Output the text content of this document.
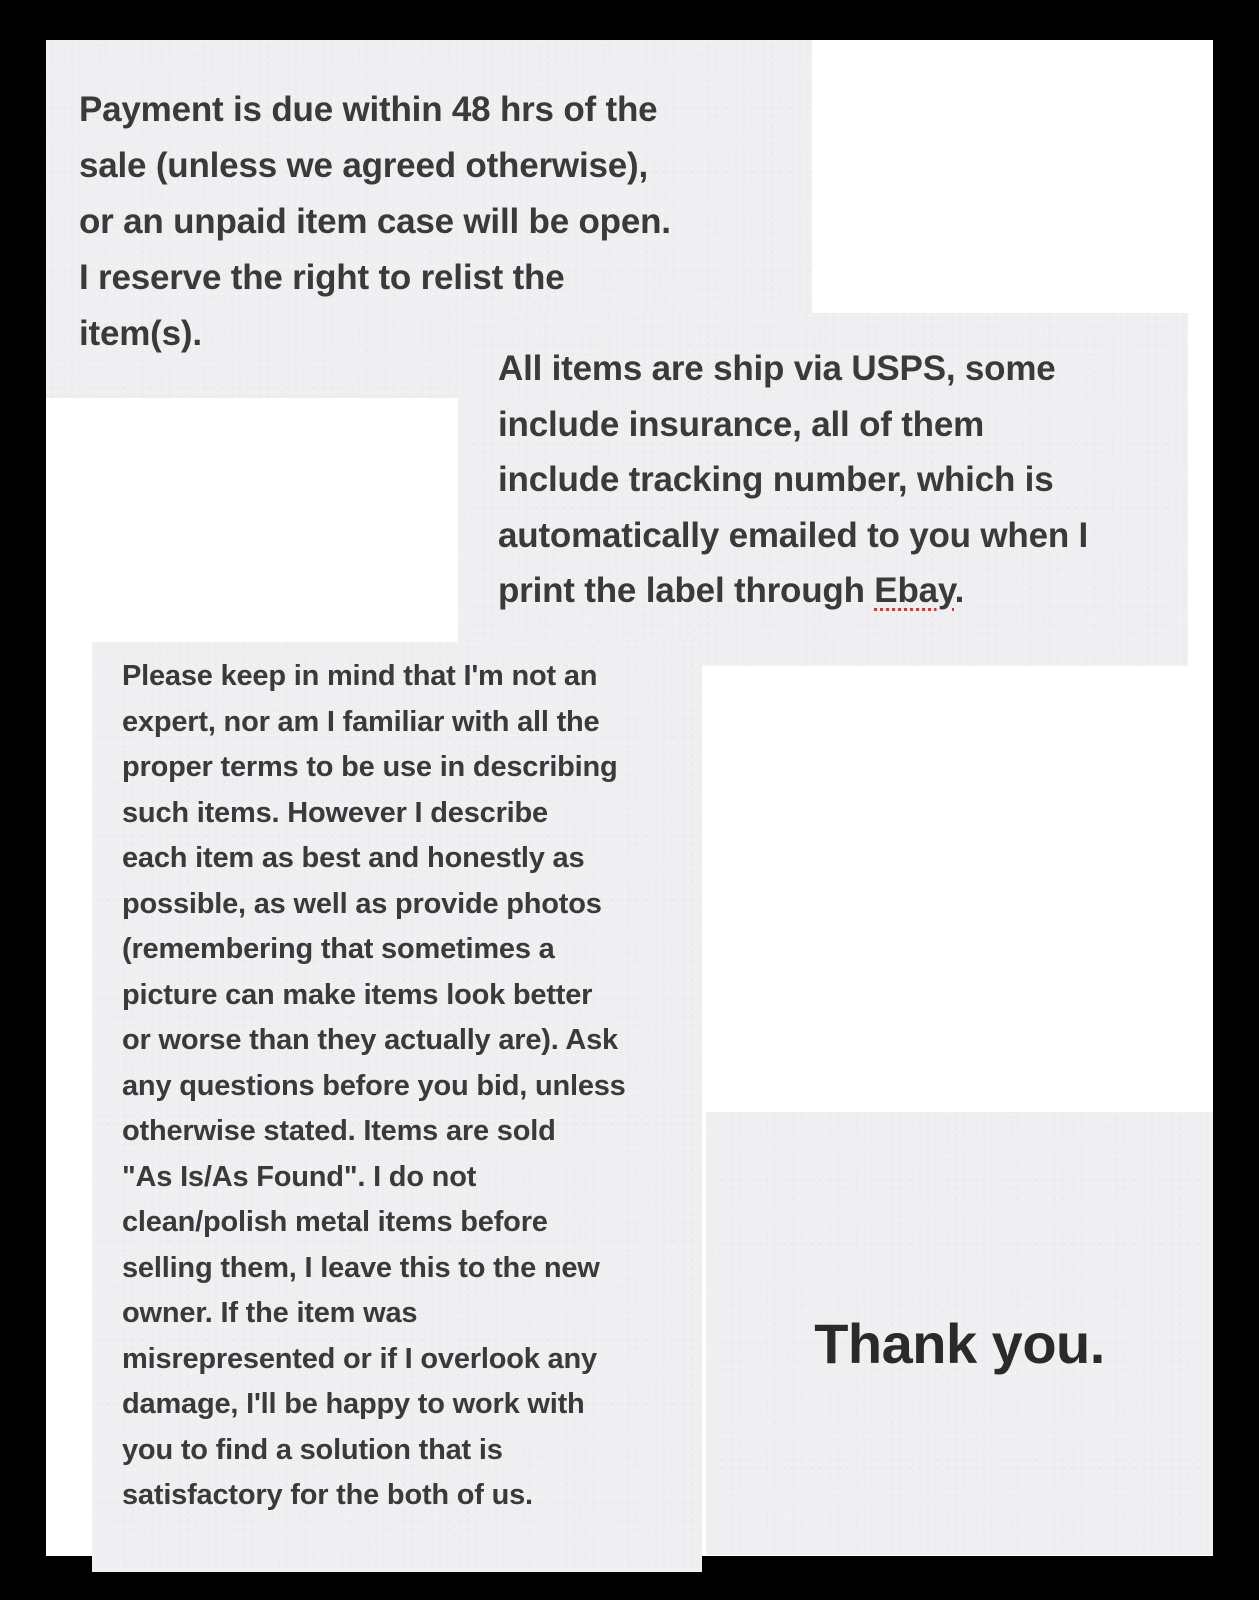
Payment is due within 48 hrs of the
sale (unless we agreed otherwise),
or an unpaid item case will be open.
I reserve the right to relist the
item(s).

All items are ship via USPS, some
include insurance, all of them
include tracking number, which is
automatically emailed to you when I
print the label through Ebay.

Please keep in mind that I'm not an
expert, nor am I familiar with all the
proper terms to be use in describing
such items. However I describe
each item as best and honestly as
possible, as well as provide photos
(remembering that sometimes a
picture can make items look better
or worse than they actually are). Ask
any questions before you bid, unless
otherwise stated. Items are sold
"As Is/As Found". I do not
clean/polish metal items before
selling them, I leave this to the new
owner. If the item was
misrepresented or if I overlook any
damage, I'll be happy to work with
you to find a solution that is
satisfactory for the both of us.

Thank you.
